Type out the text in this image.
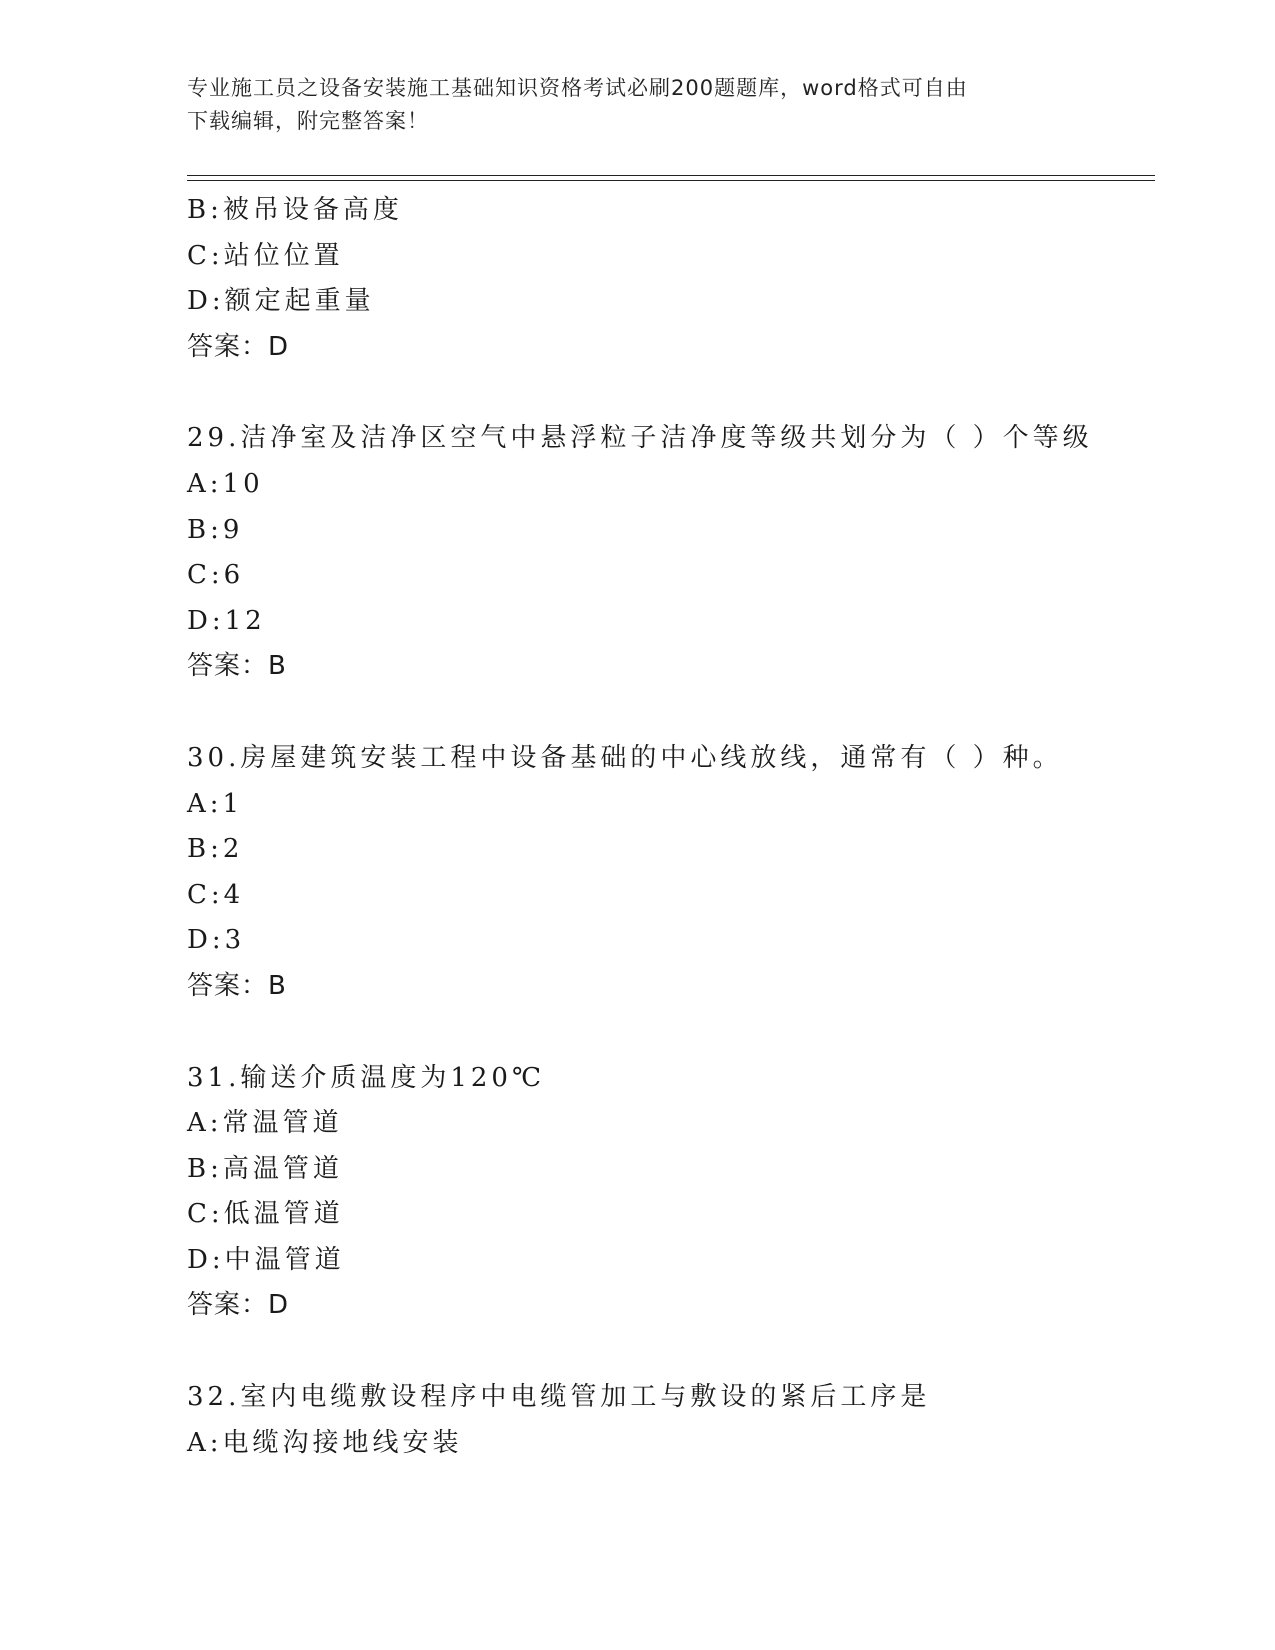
专业施工员之设备安装施工基础知识资格考试必刷200题题库，word格式可自由
下载编辑，附完整答案！
B:被吊设备高度
C:站位位置
D:额定起重量
答案：D
29.洁净室及洁净区空气中悬浮粒子洁净度等级共划分为（ ）个等级
A:10
B:9
C:6
D:12
答案：B
30.房屋建筑安装工程中设备基础的中心线放线，通常有（ ）种。
A:1
B:2
C:4
D:3
答案：B
31.输送介质温度为120℃
A:常温管道
B:高温管道
C:低温管道
D:中温管道
答案：D
32.室内电缆敷设程序中电缆管加工与敷设的紧后工序是
A:电缆沟接地线安装
